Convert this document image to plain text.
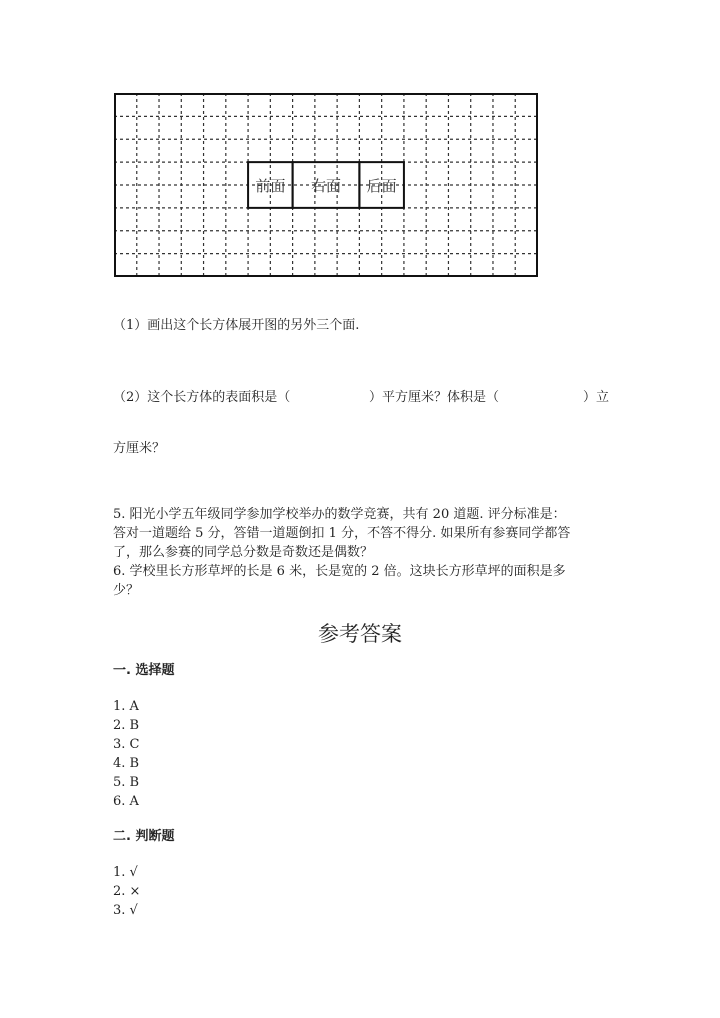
前面 右面 后面
（1）画出这个长方体展开图的另外三个面.
（2）这个长方体的表面积是（	）平方厘米？体积是（	）立
方厘米？
5. 阳光小学五年级同学参加学校举办的数学竞赛，共有 20 道题. 评分标准是：
答对一道题给 5 分，答错一道题倒扣 1 分，不答不得分. 如果所有参赛同学都答
了，那么参赛的同学总分数是奇数还是偶数？
6. 学校里长方形草坪的长是 6 米，长是宽的 2 倍。这块长方形草坪的面积是多
少？
参考答案
一. 选择题
1. A
2. B
3. C
4. B
5. B
6. A
二. 判断题
1. √
2. ×
3. √
